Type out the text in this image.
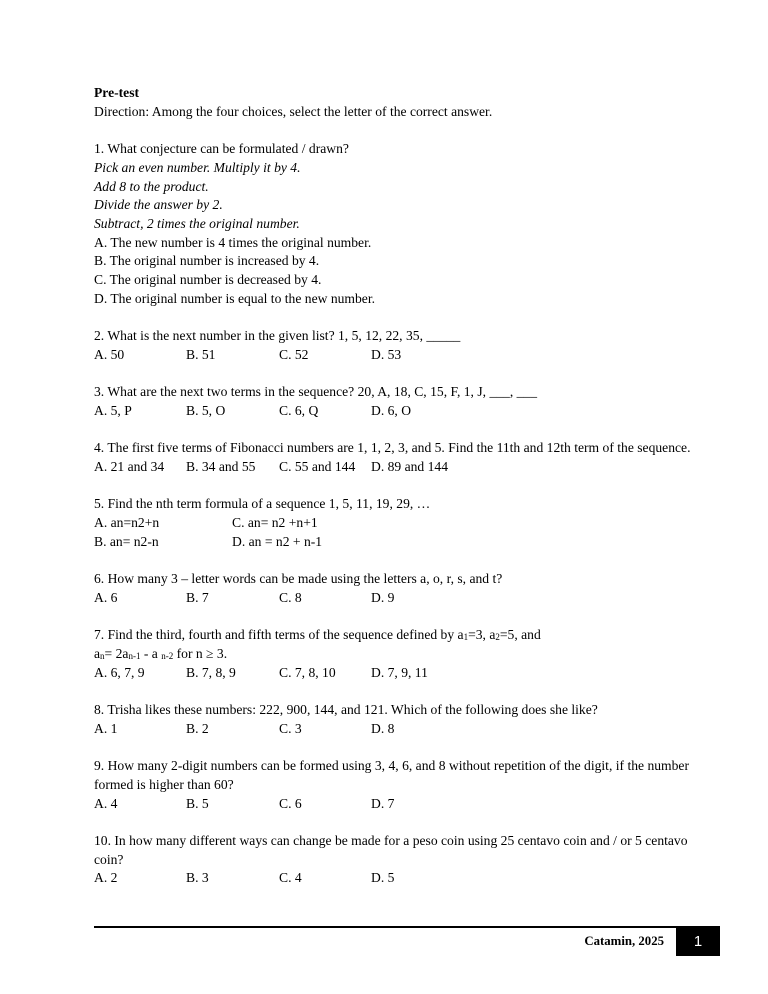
Pre-test
Direction: Among the four choices, select the letter of the correct answer.
1. What conjecture can be formulated / drawn?
Pick an even number. Multiply it by 4.
Add 8 to the product.
Divide the answer by 2.
Subtract, 2 times the original number.
A. The new number is 4 times the original number.
B. The original number is increased by 4.
C. The original number is decreased by 4.
D. The original number is equal to the new number.
2. What is the next number in the given list? 1, 5, 12, 22, 35, _____
A. 50	B. 51	C. 52	D. 53
3. What are the next two terms in the sequence? 20, A, 18, C, 15, F, 1, J, ___, ___
A. 5, P	B. 5, O	C. 6, Q	D. 6, O
4. The first five terms of Fibonacci numbers are 1, 1, 2, 3, and 5. Find the 11th and 12th term of the sequence.
A. 21 and 34	B. 34 and 55	C. 55 and 144	D. 89 and 144
5. Find the nth term formula of a sequence 1, 5, 11, 19, 29, …
A. an=n2+n	C. an= n2 +n+1
B. an= n2-n	D. an = n2 + n-1
6. How many 3 – letter words can be made using the letters a, o, r, s, and t?
A. 6	B. 7	C. 8	D. 9
7. Find the third, fourth and fifth terms of the sequence defined by $a_1=3$, $a_2=5$, and
$a_n= 2a_{n-1} - a$ $_{n-2}$ for n ≥ 3.
A. 6, 7, 9	B. 7, 8, 9	C. 7, 8, 10	D. 7, 9, 11
8. Trisha likes these numbers: 222, 900, 144, and 121. Which of the following does she like?
A. 1	B. 2	C. 3	D. 8
9. How many 2-digit numbers can be formed using 3, 4, 6, and 8 without repetition of the digit, if the number formed is higher than 60?
A. 4	B. 5	C. 6	D. 7
10. In how many different ways can change be made for a peso coin using 25 centavo coin and / or 5 centavo coin?
A. 2	B. 3	C. 4	D. 5
Catamin, 2025	1
